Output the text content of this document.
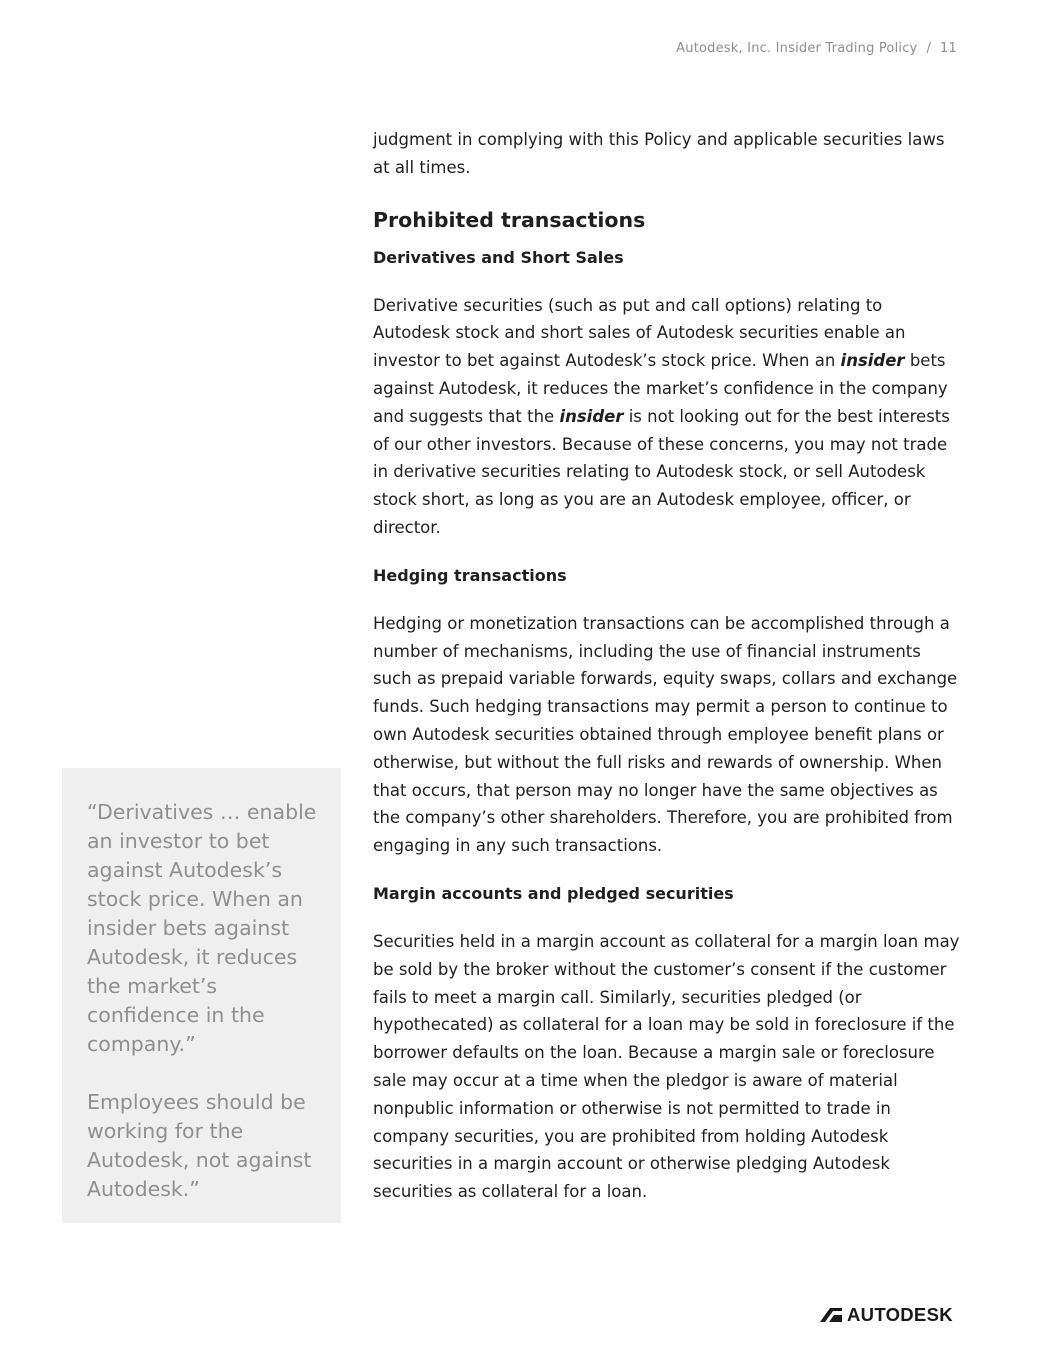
Autodesk, Inc. Insider Trading Policy / 11

judgment in complying with this Policy and applicable securities laws at all times.

Prohibited transactions
Derivatives and Short Sales

Derivative securities (such as put and call options) relating to Autodesk stock and short sales of Autodesk securities enable an investor to bet against Autodesk’s stock price. When an insider bets against Autodesk, it reduces the market’s confidence in the company and suggests that the insider is not looking out for the best interests of our other investors. Because of these concerns, you may not trade in derivative securities relating to Autodesk stock, or sell Autodesk stock short, as long as you are an Autodesk employee, officer, or director.

Hedging transactions

Hedging or monetization transactions can be accomplished through a number of mechanisms, including the use of financial instruments such as prepaid variable forwards, equity swaps, collars and exchange funds. Such hedging transactions may permit a person to continue to own Autodesk securities obtained through employee benefit plans or otherwise, but without the full risks and rewards of ownership. When that occurs, that person may no longer have the same objectives as the company’s other shareholders. Therefore, you are prohibited from engaging in any such transactions.

Margin accounts and pledged securities

Securities held in a margin account as collateral for a margin loan may be sold by the broker without the customer’s consent if the customer fails to meet a margin call. Similarly, securities pledged (or hypothecated) as collateral for a loan may be sold in foreclosure if the borrower defaults on the loan. Because a margin sale or foreclosure sale may occur at a time when the pledgor is aware of material nonpublic information or otherwise is not permitted to trade in company securities, you are prohibited from holding Autodesk securities in a margin account or otherwise pledging Autodesk securities as collateral for a loan.

“Derivatives … enable an investor to bet against Autodesk’s stock price. When an insider bets against Autodesk, it reduces the market’s confidence in the company.”

Employees should be working for the Autodesk, not against Autodesk.”

AUTODESK
